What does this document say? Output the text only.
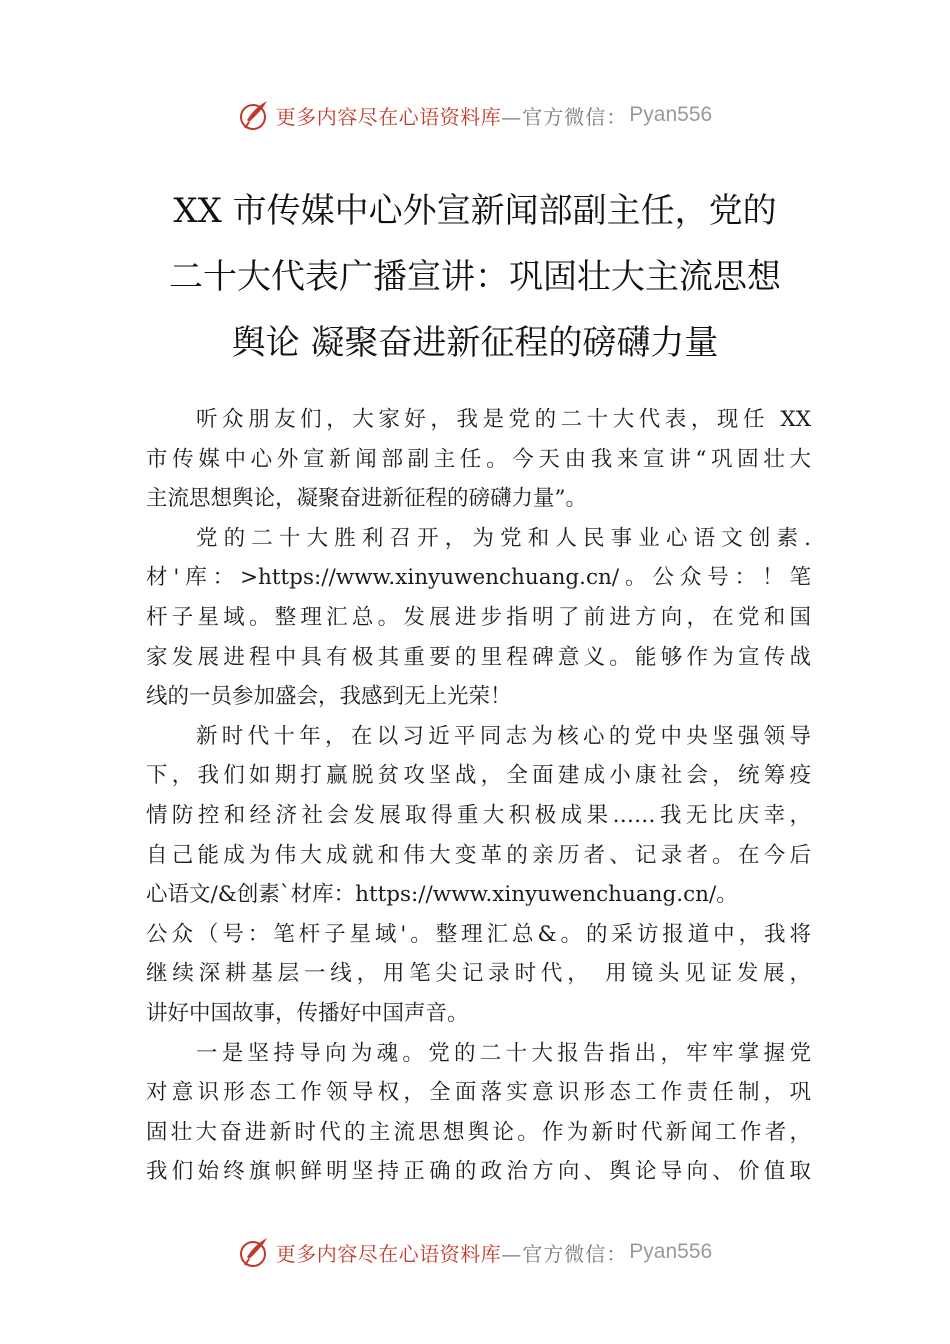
更多内容尽在心语资料库 —官方微信： Pyan556
XX 市传媒中心外宣新闻部副主任，党的
二十大代表广播宣讲：巩固壮大主流思想
舆论 凝聚奋进新征程的磅礴力量
听众朋友们，大家好，我是党的二十大代表，现任 XX
市传媒中心外宣新闻部副主任。今天由我来宣讲“巩固壮大
主流思想舆论，凝聚奋进新征程的磅礴力量”。
党的二十大胜利召开，为党和人民事业心语文创素.
材'库：>https://www.xinyuwenchuang.cn/。公众号：！笔
杆子星域。整理汇总。发展进步指明了前进方向，在党和国
家发展进程中具有极其重要的里程碑意义。能够作为宣传战
线的一员参加盛会，我感到无上光荣！
新时代十年，在以习近平同志为核心的党中央坚强领导
下，我们如期打赢脱贫攻坚战，全面建成小康社会，统筹疫
情防控和经济社会发展取得重大积极成果……我无比庆幸，
自己能成为伟大成就和伟大变革的亲历者、记录者。在今后
心语文/&创素`材库：https://www.xinyuwenchuang.cn/。
公众（号：笔杆子星域'。整理汇总&。的采访报道中，我将
继续深耕基层一线，用笔尖记录时代， 用镜头见证发展，
讲好中国故事，传播好中国声音。
一是坚持导向为魂。党的二十大报告指出，牢牢掌握党
对意识形态工作领导权，全面落实意识形态工作责任制，巩
固壮大奋进新时代的主流思想舆论。作为新时代新闻工作者，
我们始终旗帜鲜明坚持正确的政治方向、舆论导向、价值取
更多内容尽在心语资料库 —官方微信： Pyan556
